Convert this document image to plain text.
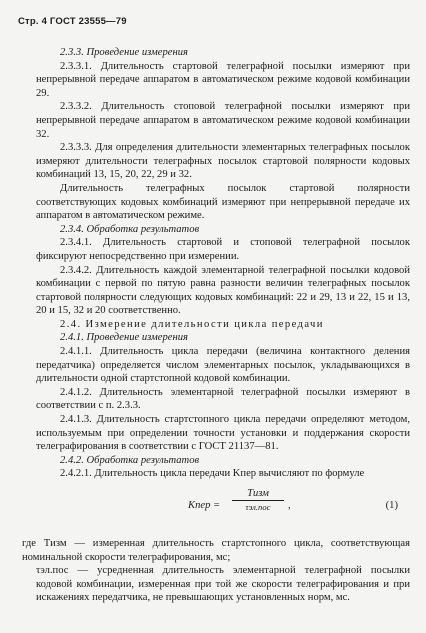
Стр. 4 ГОСТ 23555—79

2.3.3. Проведение измерения

2.3.3.1. Длительность стартовой телеграфной посылки измеряют при непрерывной передаче аппаратом в автоматическом режиме кодовой комбинации 29.

2.3.3.2. Длительность стоповой телеграфной посылки измеряют при непрерывной передаче аппаратом в автоматическом режиме кодовой комбинации 32.

2.3.3.3. Для определения длительности элементарных телеграфных посылок измеряют длительности телеграфных посылок стартовой полярности кодовых комбинаций 13, 15, 20, 22, 29 и 32.

Длительность телеграфных посылок стартовой полярности соответствующих кодовых комбинаций измеряют при непрерывной передаче их аппаратом в автоматическом режиме.

2.3.4. Обработка результатов

2.3.4.1. Длительность стартовой и стоповой телеграфной посылок фиксируют непосредственно при измерении.

2.3.4.2. Длительность каждой элементарной телеграфной посылки кодовой комбинации с первой по пятую равна разности величин телеграфных посылок стартовой полярности следующих кодовых комбинаций: 22 и 29, 13 и 22, 15 и 13, 20 и 15, 32 и 20 соответственно.

2.4. Измерение длительности цикла передачи

2.4.1. Проведение измерения

2.4.1.1. Длительность цикла передачи (величина контактного деления передатчика) определяется числом элементарных посылок, укладывающихся в длительности одной стартстопной кодовой комбинации.

2.4.1.2. Длительность элементарной телеграфной посылки измеряют в соответствии с п. 2.3.3.

2.4.1.3. Длительность стартстопного цикла передачи определяют методом, используемым при определении точности установки и поддержания скорости телеграфирования в соответствии с ГОСТ 21137—81.

2.4.2. Обработка результатов

2.4.2.1. Длительность цикла передачи Kпер вычисляют по формуле

Kпер =
Tизм
τэл.пос	,	(1)

где Tизм — измеренная длительность стартстопного цикла, соответствующая номинальной скорости телеграфирования, мс;

τэл.пос — усредненная длительность элементарной телеграфной посылки кодовой комбинации, измеренная при той же скорости телеграфирования и при искажениях передатчика, не превышающих установленных норм, мс.
